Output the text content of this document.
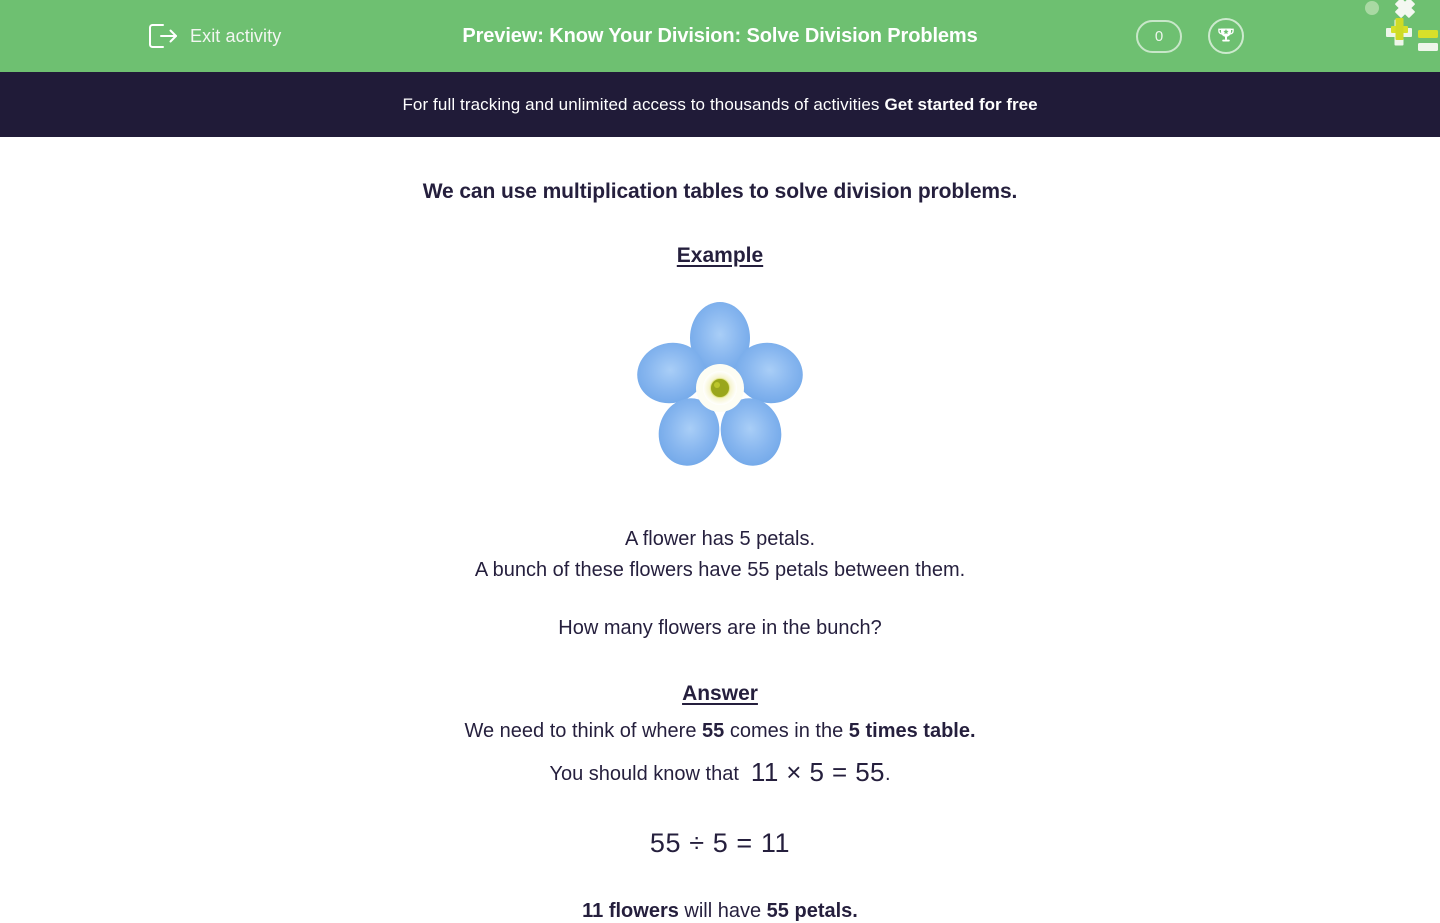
Exit activity	Preview: Know Your Division: Solve Division Problems	0
For full tracking and unlimited access to thousands of activities Get started for free

We can use multiplication tables to solve division problems.

Example

A flower has 5 petals.
A bunch of these flowers have 55 petals between them.

How many flowers are in the bunch?

Answer

We need to think of where 55 comes in the 5 times table.

You should know that 11 × 5 = 55.

55 ÷ 5 = 11

11 flowers will have 55 petals.
